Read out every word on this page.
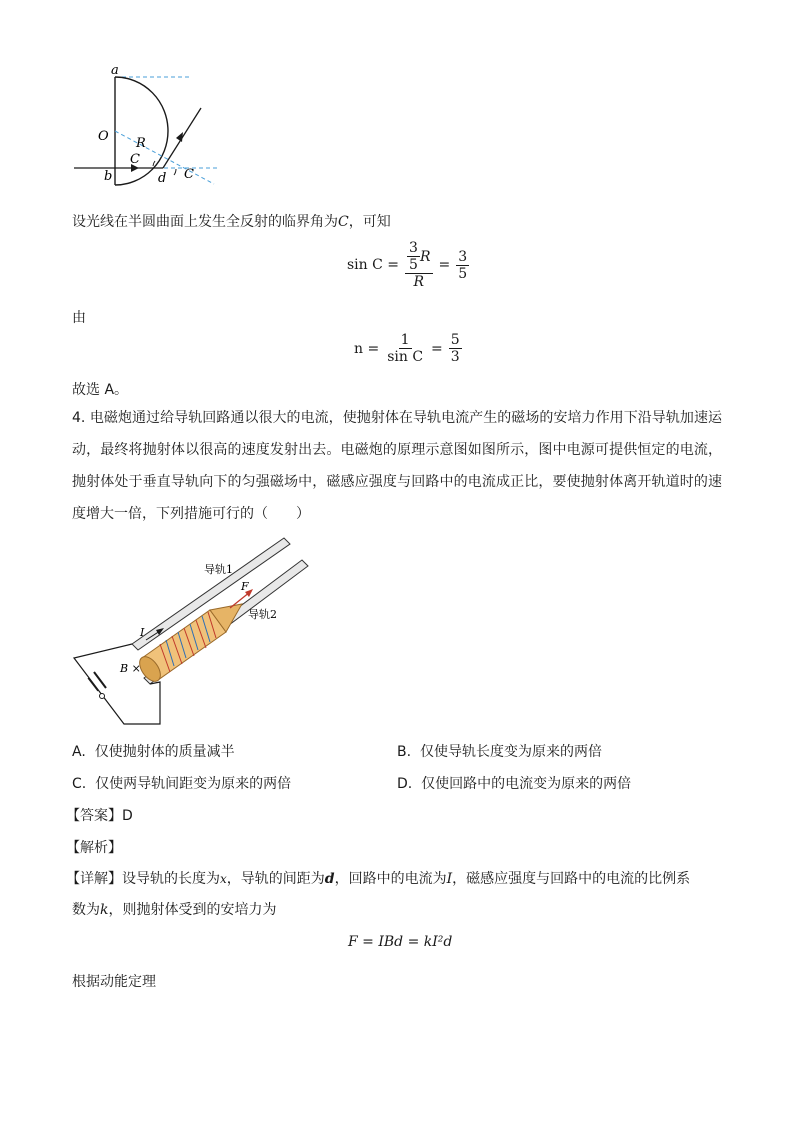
a
O R
C
b	d C
设光线在半圆曲面上发生全反射的临界角为C，可知
$\sin C = \frac{\frac{3}{5} R}{R} = \frac{3}{5}$
由
$n = \frac{1}{\text{sin C}} = \frac{5}{3}$
故选 A。
4. 电磁炮通过给导轨回路通以很大的电流，使抛射体在导轨电流产生的磁场的安培力作用下沿导轨加速运动，最终将抛射体以很高的速度发射出去。电磁炮的原理示意图如图所示，图中电源可提供恒定的电流，抛射体处于垂直导轨向下的匀强磁场中，磁感应强度与回路中的电流成正比，要使抛射体离开轨道时的速度增大一倍，下列措施可行的（　　）
导轨1
导轨2
F
I
B ×
A. 仅使抛射体的质量减半	B. 仅使导轨长度变为原来的两倍
C. 仅使两导轨间距变为原来的两倍	D. 仅使回路中的电流变为原来的两倍
【答案】D
【解析】
【详解】设导轨的长度为x，导轨的间距为d，回路中的电流为I，磁感应强度与回路中的电流的比例系
数为k，则抛射体受到的安培力为
F = IBd = kI²d
根据动能定理
